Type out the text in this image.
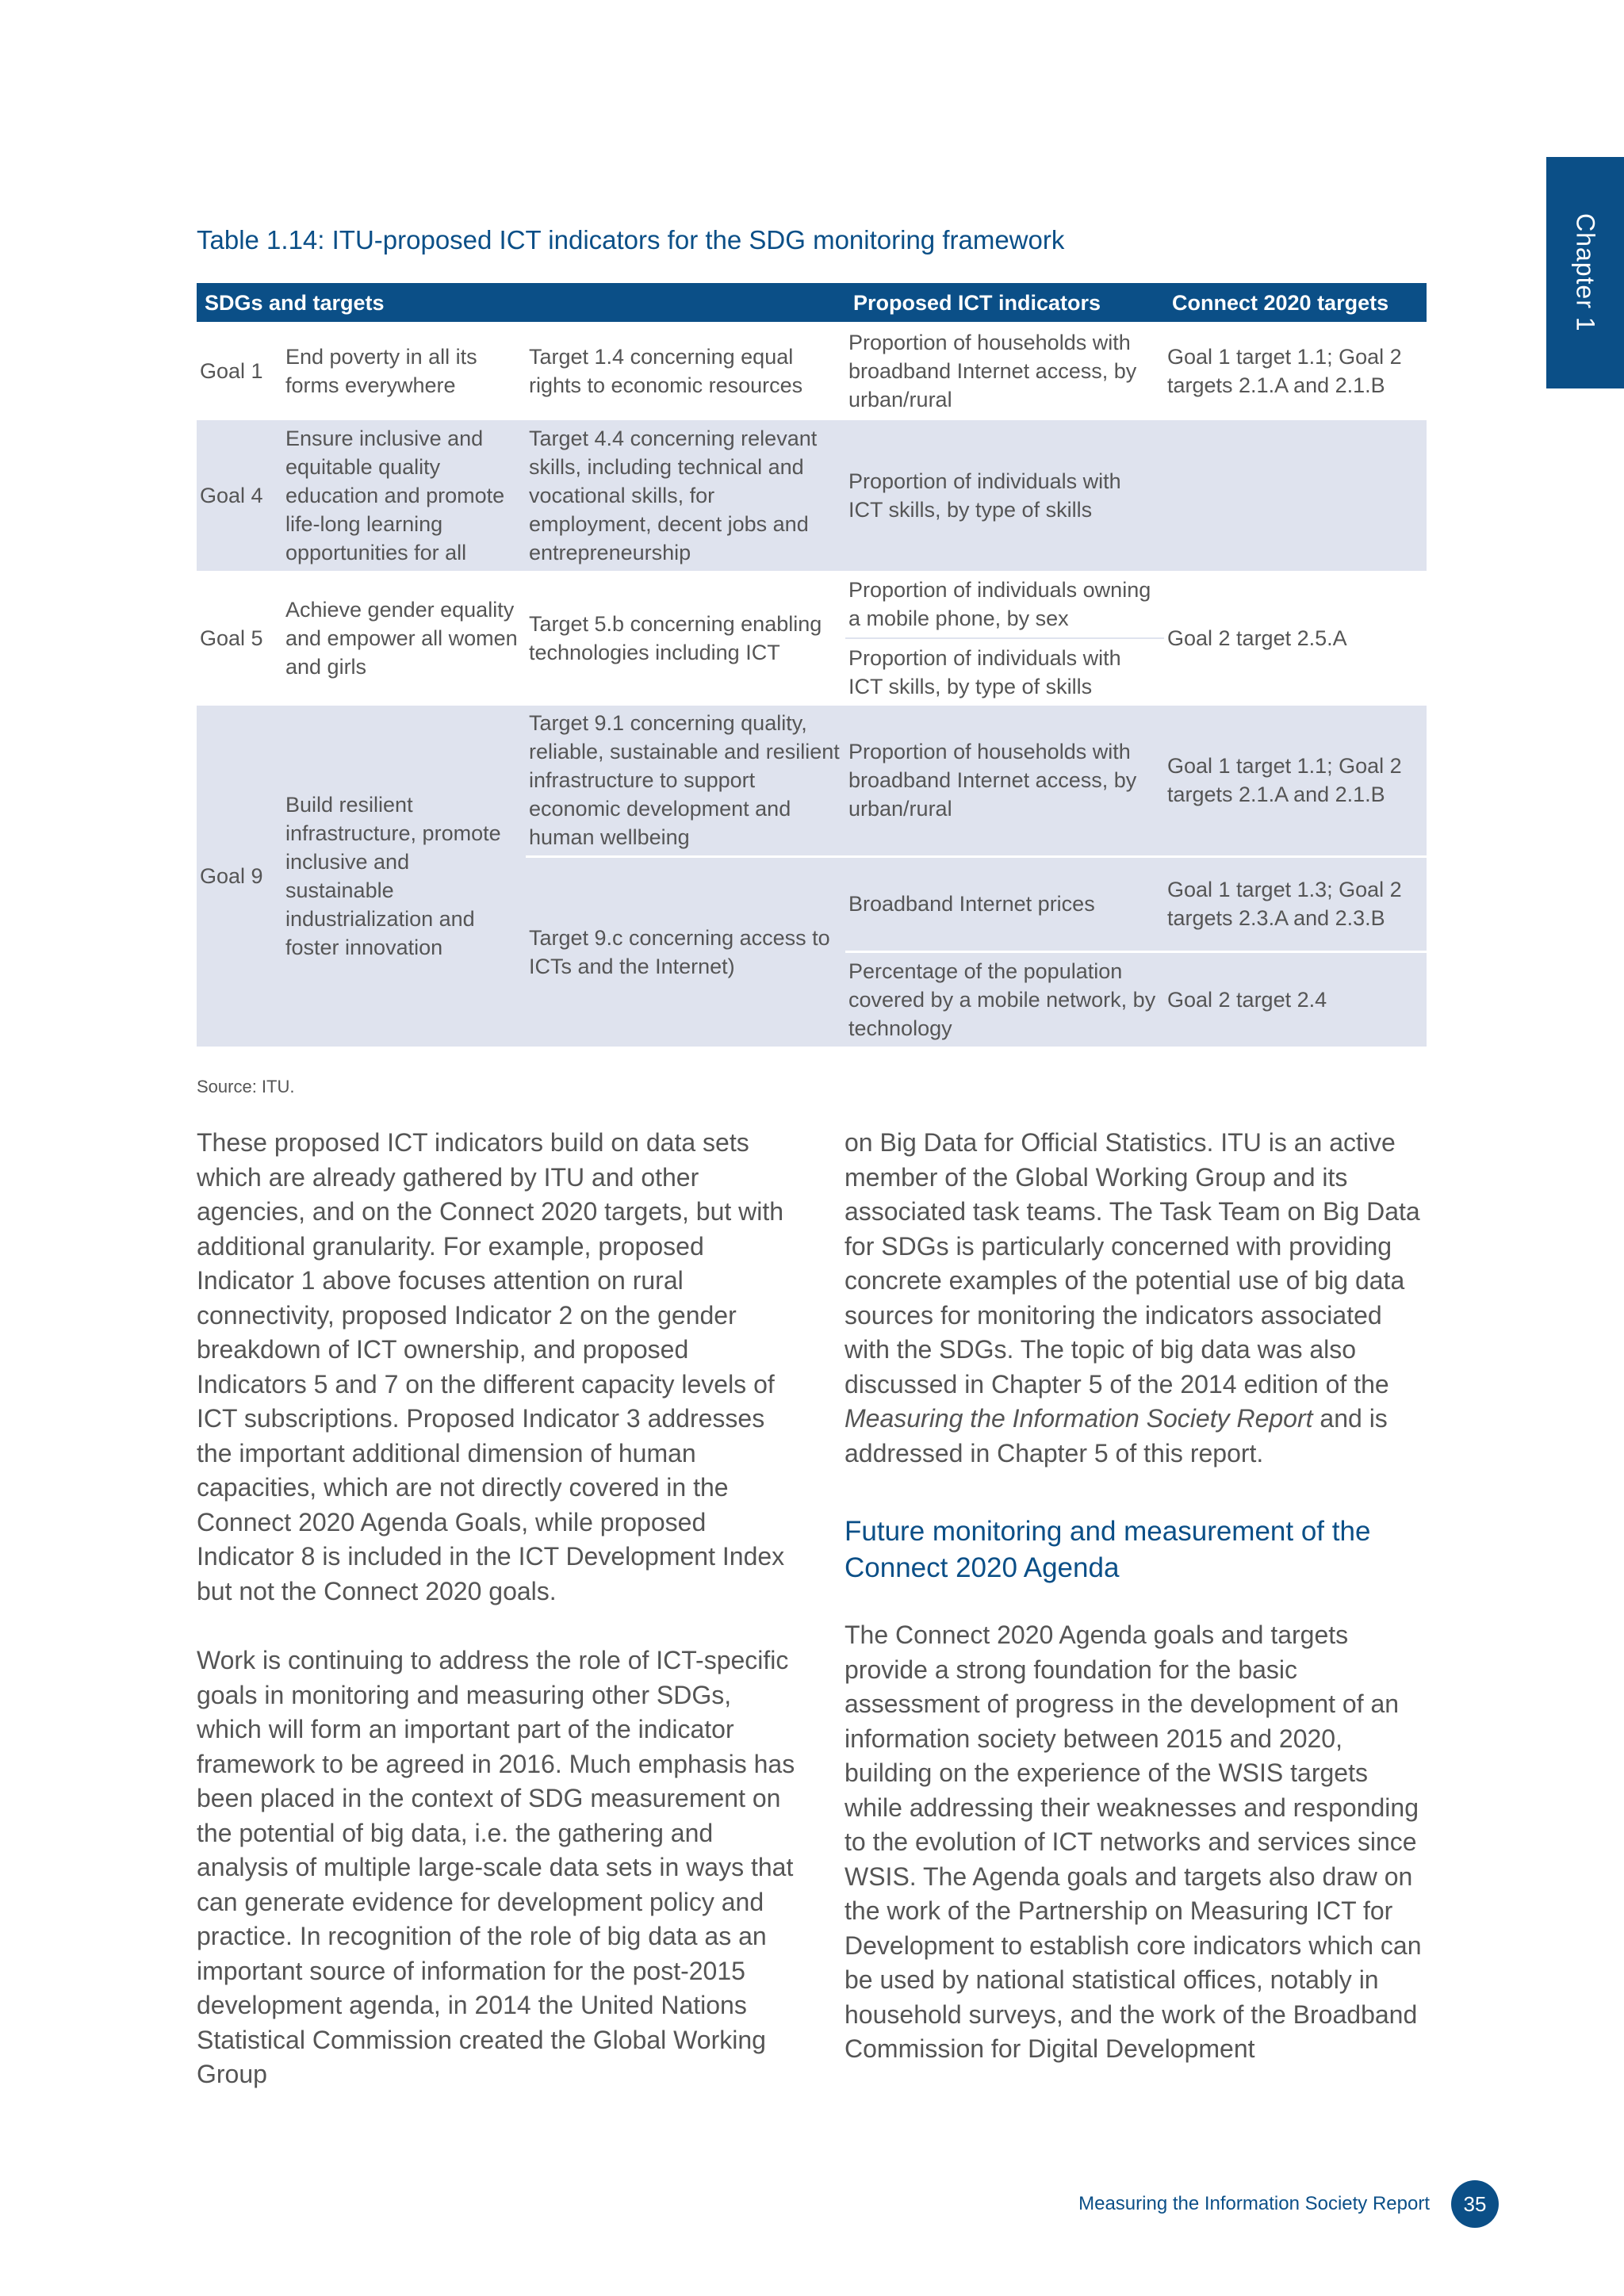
Chapter 1
Table 1.14: ITU-proposed ICT indicators for the SDG monitoring framework
SDGs and targets			Proposed ICT indicators	Connect 2020 targets
Goal 1	End poverty in all its forms everywhere	Target 1.4 concerning equal rights to economic resources	Proportion of households with broadband Internet access, by urban/rural	Goal 1 target 1.1; Goal 2 targets 2.1.A and 2.1.B
Goal 4	Ensure inclusive and equitable quality education and promote life-long learning opportunities for all	Target 4.4 concerning relevant skills, including technical and vocational skills, for employment, decent jobs and entrepreneurship	Proportion of individuals with ICT skills, by type of skills	
Goal 5	Achieve gender equality and empower all women and girls	Target 5.b concerning enabling technologies including ICT	Proportion of individuals owning a mobile phone, by sex	Goal 2 target 2.5.A
			Proportion of individuals with ICT skills, by type of skills	
Goal 9	Build resilient infrastructure, promote inclusive and sustainable industrialization and foster innovation	Target 9.1 concerning quality, reliable, sustainable and resilient infrastructure to support economic development and human wellbeing	Proportion of households with broadband Internet access, by urban/rural	Goal 1 target 1.1; Goal 2 targets 2.1.A and 2.1.B
		Target 9.c concerning access to ICTs and the Internet)	Broadband Internet prices	Goal 1 target 1.3; Goal 2 targets 2.3.A and 2.3.B
			Percentage of the population covered by a mobile network, by technology	Goal 2 target 2.4
Source: ITU.

These proposed ICT indicators build on data sets which are already gathered by ITU and other agencies, and on the Connect 2020 targets, but with additional granularity. For example, proposed Indicator 1 above focuses attention on rural connectivity, proposed Indicator 2 on the gender breakdown of ICT ownership, and proposed Indicators 5 and 7 on the different capacity levels of ICT subscriptions. Proposed Indicator 3 addresses the important additional dimension of human capacities, which are not directly covered in the Connect 2020 Agenda Goals, while proposed Indicator 8 is included in the ICT Development Index but not the Connect 2020 goals.

Work is continuing to address the role of ICT-specific goals in monitoring and measuring other SDGs, which will form an important part of the indicator framework to be agreed in 2016. Much emphasis has been placed in the context of SDG measurement on the potential of big data, i.e. the gathering and analysis of multiple large-scale data sets in ways that can generate evidence for development policy and practice. In recognition of the role of big data as an important source of information for the post-2015 development agenda, in 2014 the United Nations Statistical Commission created the Global Working Group

on Big Data for Official Statistics. ITU is an active member of the Global Working Group and its associated task teams. The Task Team on Big Data for SDGs is particularly concerned with providing concrete examples of the potential use of big data sources for monitoring the indicators associated with the SDGs. The topic of big data was also discussed in Chapter 5 of the 2014 edition of the Measuring the Information Society Report and is addressed in Chapter 5 of this report.

Future monitoring and measurement of the Connect 2020 Agenda

The Connect 2020 Agenda goals and targets provide a strong foundation for the basic assessment of progress in the development of an information society between 2015 and 2020, building on the experience of the WSIS targets while addressing their weaknesses and responding to the evolution of ICT networks and services since WSIS. The Agenda goals and targets also draw on the work of the Partnership on Measuring ICT for Development to establish core indicators which can be used by national statistical offices, notably in household surveys, and the work of the Broadband Commission for Digital Development

Measuring the Information Society Report	35
